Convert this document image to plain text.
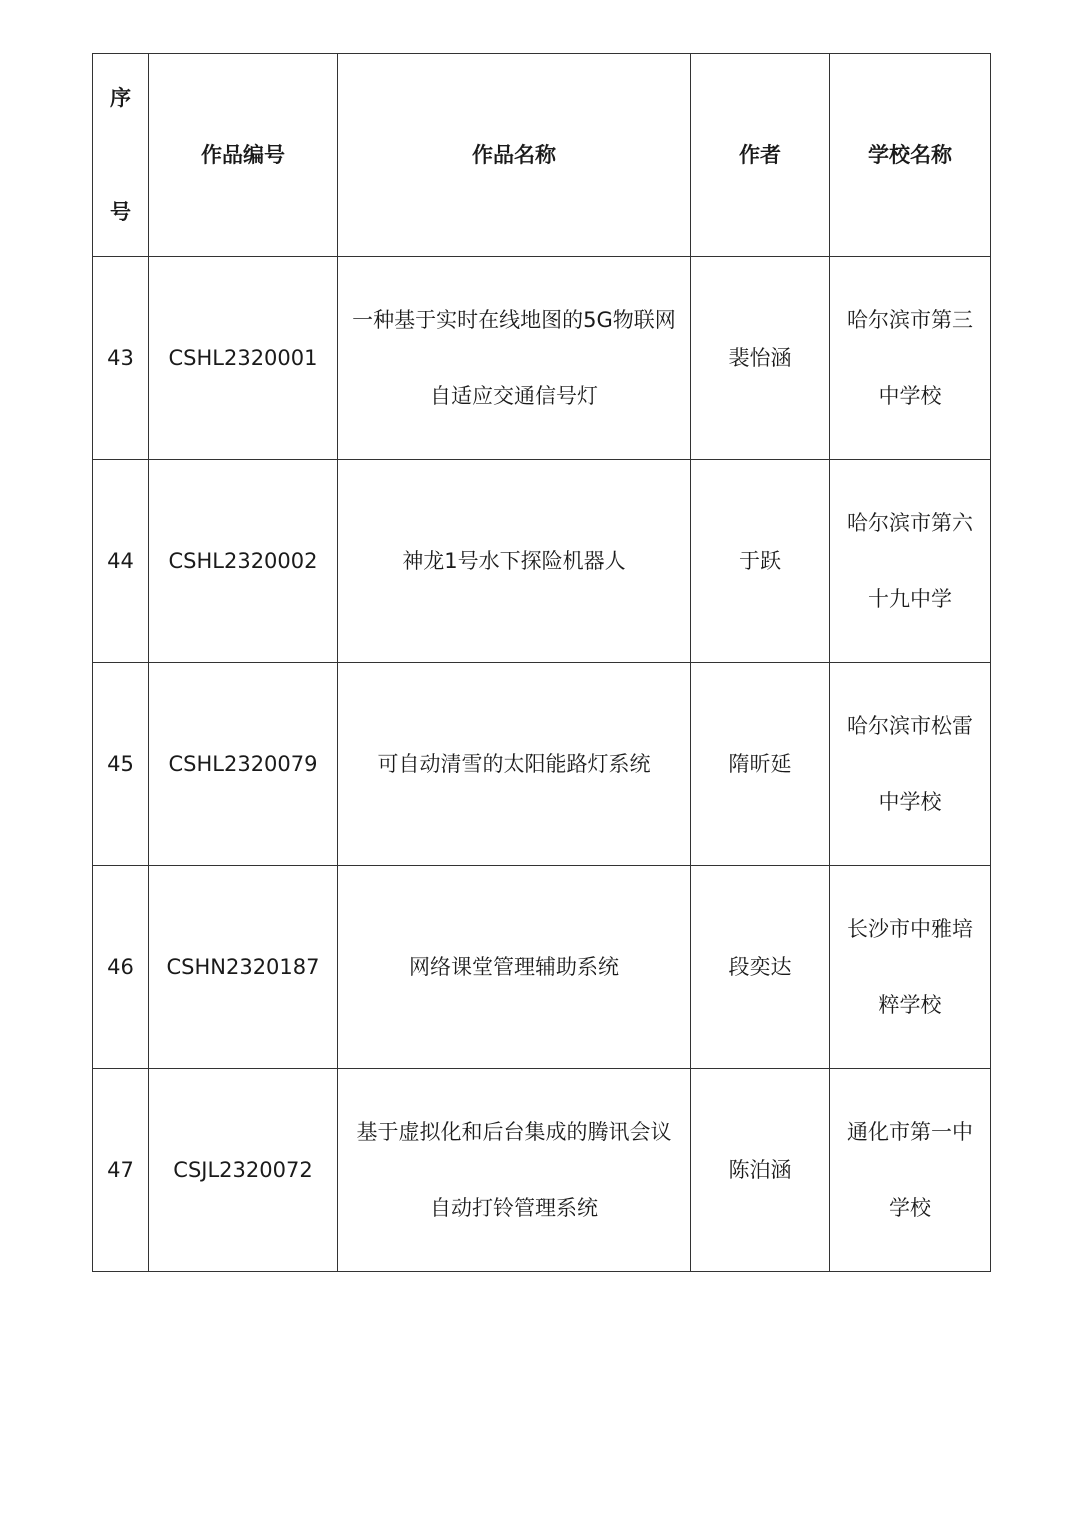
序
号	作品编号	作品名称	作者	学校名称
43	CSHL2320001	一种基于实时在线地图的5G物联网
自适应交通信号灯	裴怡涵	哈尔滨市第三
中学校
44	CSHL2320002	神龙1号水下探险机器人	于跃	哈尔滨市第六
十九中学
45	CSHL2320079	可自动清雪的太阳能路灯系统	隋昕延	哈尔滨市松雷
中学校
46	CSHN2320187	网络课堂管理辅助系统	段奕达	长沙市中雅培
粹学校
47	CSJL2320072	基于虚拟化和后台集成的腾讯会议
自动打铃管理系统	陈泊涵	通化市第一中
学校
